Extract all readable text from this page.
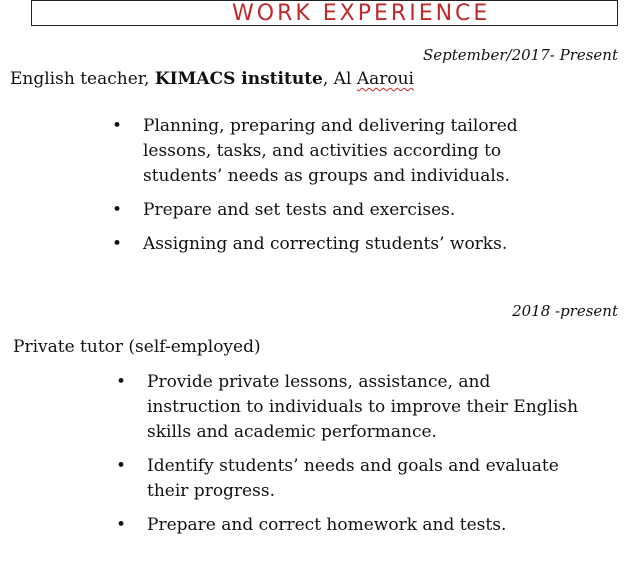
WORK EXPERIENCE
September/2017- Present
English teacher, KIMACS institute, Al Aaroui
• Planning, preparing and delivering tailored lessons, tasks, and activities according to students’ needs as groups and individuals.
• Prepare and set tests and exercises.
• Assigning and correcting students’ works.
2018 -present
Private tutor (self-employed)
• Provide private lessons, assistance, and instruction to individuals to improve their English skills and academic performance.
• Identify students’ needs and goals and evaluate their progress.
• Prepare and correct homework and tests.
